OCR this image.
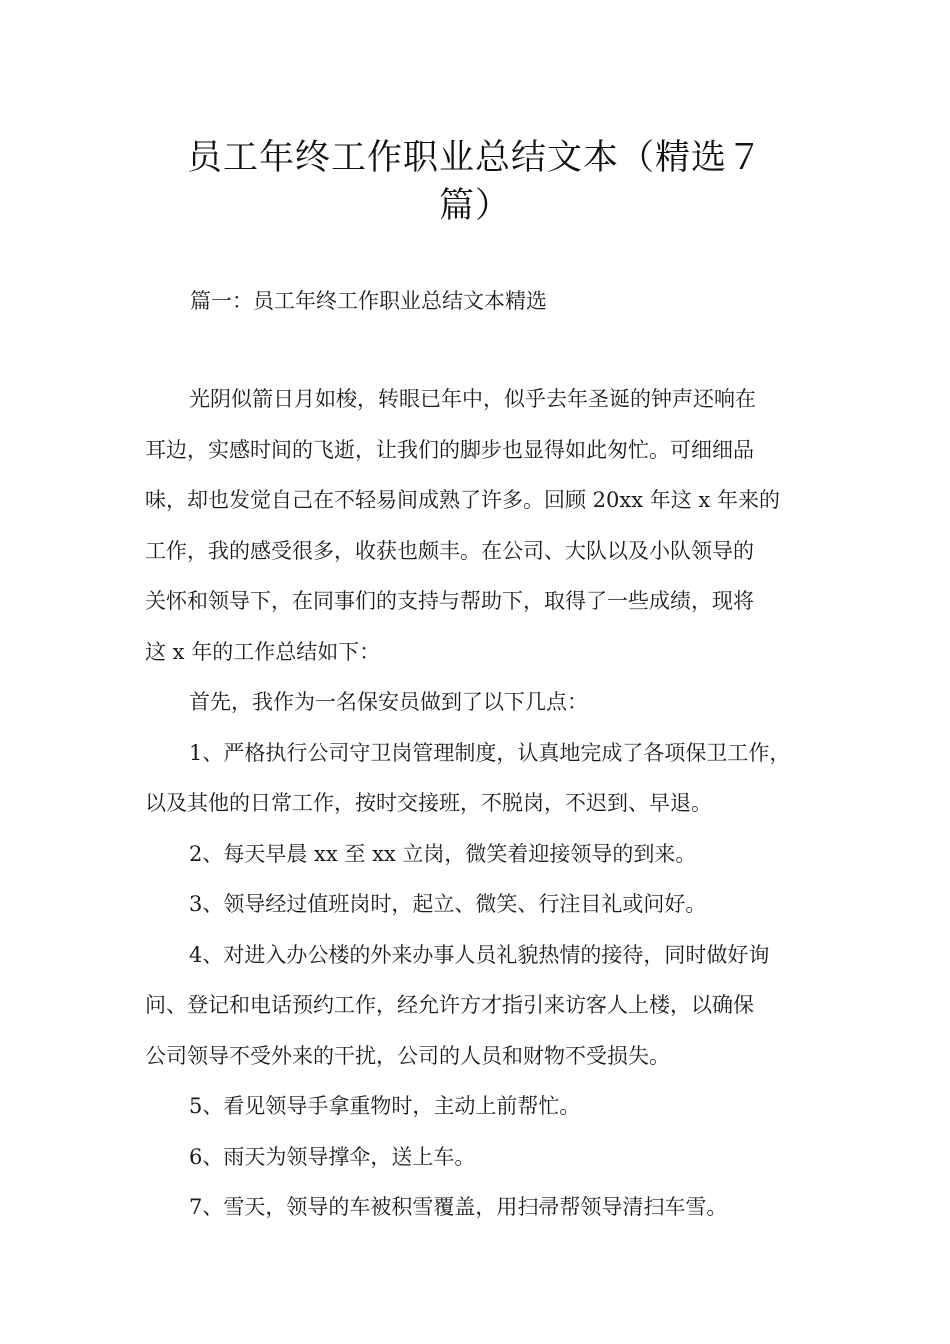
员工年终工作职业总结文本（精选７
篇）
篇一：员工年终工作职业总结文本精选
光阴似箭日月如梭，转眼已年中，似乎去年圣诞的钟声还响在
耳边，实感时间的飞逝，让我们的脚步也显得如此匆忙。可细细品
味，却也发觉自己在不轻易间成熟了许多。回顾 20xx 年这 x 年来的
工作，我的感受很多，收获也颇丰。在公司、大队以及小队领导的
关怀和领导下，在同事们的支持与帮助下，取得了一些成绩，现将
这 x 年的工作总结如下：
首先，我作为一名保安员做到了以下几点：
1、严格执行公司守卫岗管理制度，认真地完成了各项保卫工作，
以及其他的日常工作，按时交接班，不脱岗，不迟到、早退。
2、每天早晨 xx 至 xx 立岗，微笑着迎接领导的到来。
3、领导经过值班岗时，起立、微笑、行注目礼或问好。
4、对进入办公楼的外来办事人员礼貌热情的接待，同时做好询
问、登记和电话预约工作，经允许方才指引来访客人上楼，以确保
公司领导不受外来的干扰，公司的人员和财物不受损失。
5、看见领导手拿重物时，主动上前帮忙。
6、雨天为领导撑伞，送上车。
7、雪天，领导的车被积雪覆盖，用扫帚帮领导清扫车雪。
